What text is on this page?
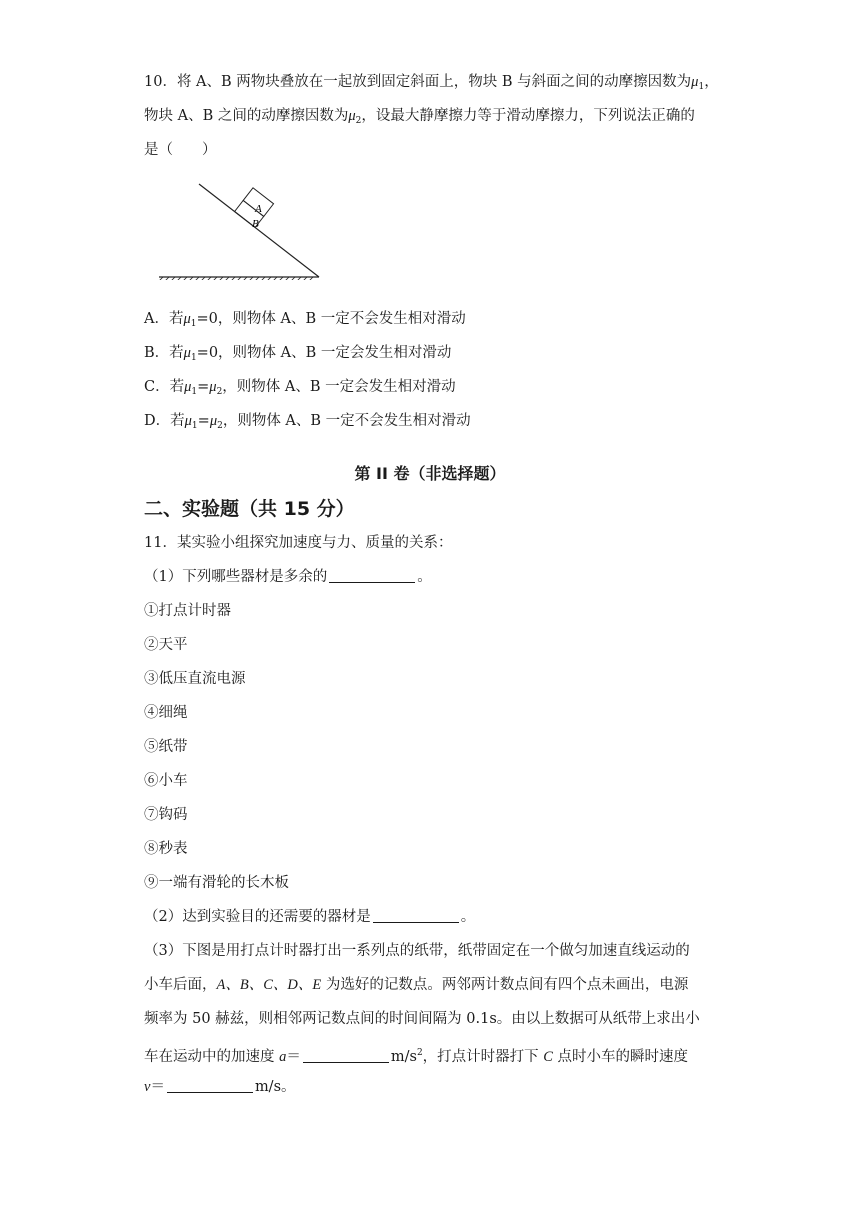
10．将 A、B 两物块叠放在一起放到固定斜面上，物块 B 与斜面之间的动摩擦因数为$\mu_1$，
物块 A、B 之间的动摩擦因数为$\mu_2$，设最大静摩擦力等于滑动摩擦力，下列说法正确的
是（　　）
A
B
A．若$\mu_1=0$，则物体 A、B 一定不会发生相对滑动
B．若$\mu_1=0$，则物体 A、B 一定会发生相对滑动
C．若$\mu_1=\mu_2$，则物体 A、B 一定会发生相对滑动
D．若$\mu_1=\mu_2$，则物体 A、B 一定不会发生相对滑动
第 II 卷（非选择题）
二、实验题（共 15 分）
11．某实验小组探究加速度与力、质量的关系：
（1）下列哪些器材是多余的	。
①打点计时器
②天平
③低压直流电源
④细绳
⑤纸带
⑥小车
⑦钩码
⑧秒表
⑨一端有滑轮的长木板
（2）达到实验目的还需要的器材是	。
（3）下图是用打点计时器打出一系列点的纸带，纸带固定在一个做匀加速直线运动的
小车后面，A、B、C、D、E 为选好的记数点。两邻两计数点间有四个点未画出，电源
频率为 50 赫兹，则相邻两记数点间的时间间隔为 0.1s。由以上数据可从纸带上求出小
车在运动中的加速度 a＝	$m/s^2$，打点计时器打下 C 点时小车的瞬时速度
v＝	m/s。
